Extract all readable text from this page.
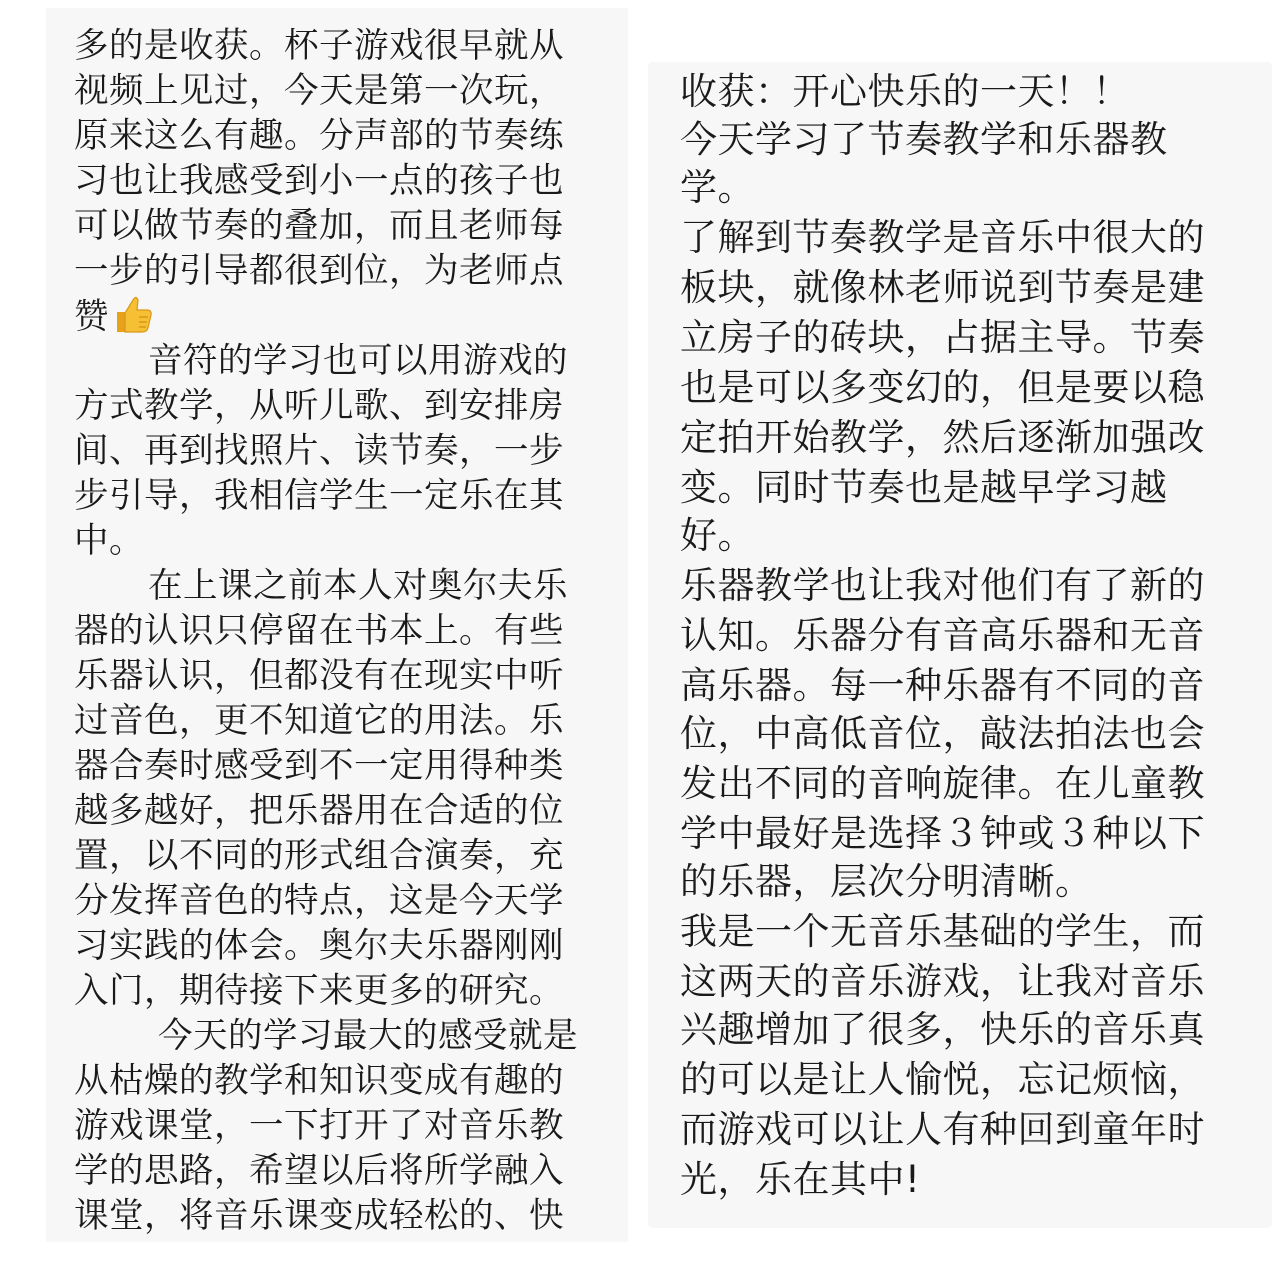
多的是收获。杯子游戏很早就从
视频上见过，今天是第一次玩，
原来这么有趣。分声部的节奏练
习也让我感受到小一点的孩子也
可以做节奏的叠加，而且老师每
一步的引导都很到位，为老师点
赞
音符的学习也可以用游戏的
方式教学，从听儿歌、到安排房
间、再到找照片、读节奏，一步
步引导，我相信学生一定乐在其
中。
在上课之前本人对奥尔夫乐
器的认识只停留在书本上。有些
乐器认识，但都没有在现实中听
过音色，更不知道它的用法。乐
器合奏时感受到不一定用得种类
越多越好，把乐器用在合适的位
置，以不同的形式组合演奏，充
分发挥音色的特点，这是今天学
习实践的体会。奥尔夫乐器刚刚
入门，期待接下来更多的研究。
今天的学习最大的感受就是
从枯燥的教学和知识变成有趣的
游戏课堂，一下打开了对音乐教
学的思路，希望以后将所学融入
课堂，将音乐课变成轻松的、快
收获：开心快乐的一天！！
今天学习了节奏教学和乐器教
学。
了解到节奏教学是音乐中很大的
板块，就像林老师说到节奏是建
立房子的砖块，占据主导。节奏
也是可以多变幻的，但是要以稳
定拍开始教学，然后逐渐加强改
变。同时节奏也是越早学习越
好。
乐器教学也让我对他们有了新的
认知。乐器分有音高乐器和无音
高乐器。每一种乐器有不同的音
位，中高低音位，敲法拍法也会
发出不同的音响旋律。在儿童教
学中最好是选择３钟或３种以下
的乐器，层次分明清晰。
我是一个无音乐基础的学生，而
这两天的音乐游戏，让我对音乐
兴趣增加了很多，快乐的音乐真
的可以是让人愉悦，忘记烦恼，
而游戏可以让人有种回到童年时
光，乐在其中!
